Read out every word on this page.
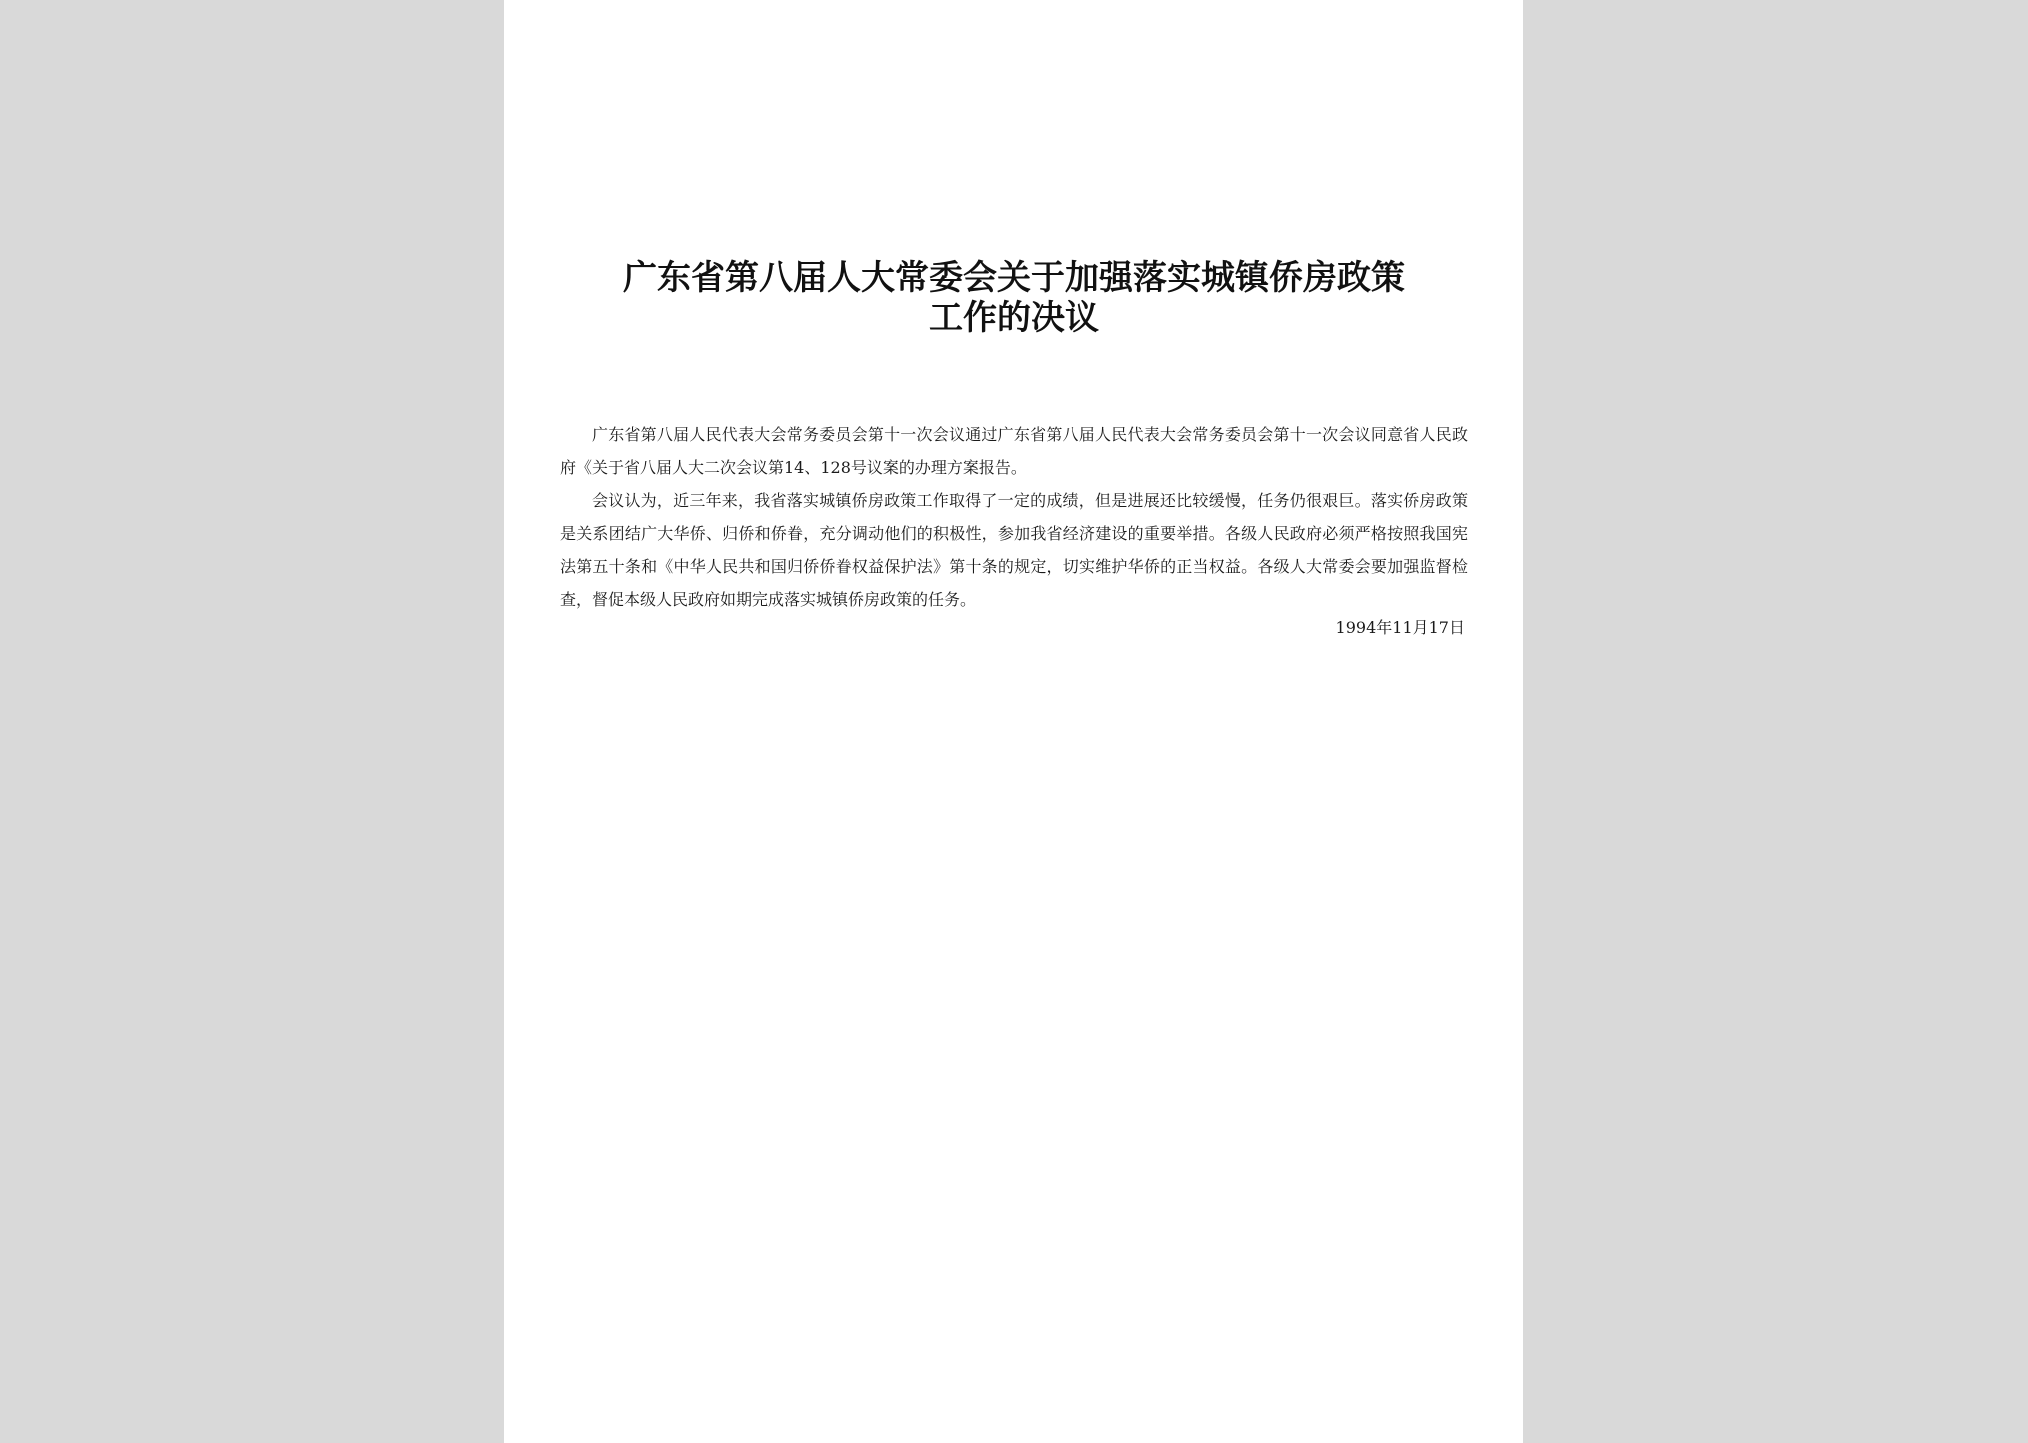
广东省第八届人大常委会关于加强落实城镇侨房政策
工作的决议

广东省第八届人民代表大会常务委员会第十一次会议通过广东省第八届人民代表大会常务委员会第十一次会议同意省人民政府《关于省八届人大二次会议第14、128号议案的办理方案报告。

会议认为，近三年来，我省落实城镇侨房政策工作取得了一定的成绩，但是进展还比较缓慢，任务仍很艰巨。落实侨房政策是关系团结广大华侨、归侨和侨眷，充分调动他们的积极性，参加我省经济建设的重要举措。各级人民政府必须严格按照我国宪法第五十条和《中华人民共和国归侨侨眷权益保护法》第十条的规定，切实维护华侨的正当权益。各级人大常委会要加强监督检查，督促本级人民政府如期完成落实城镇侨房政策的任务。

1994年11月17日
